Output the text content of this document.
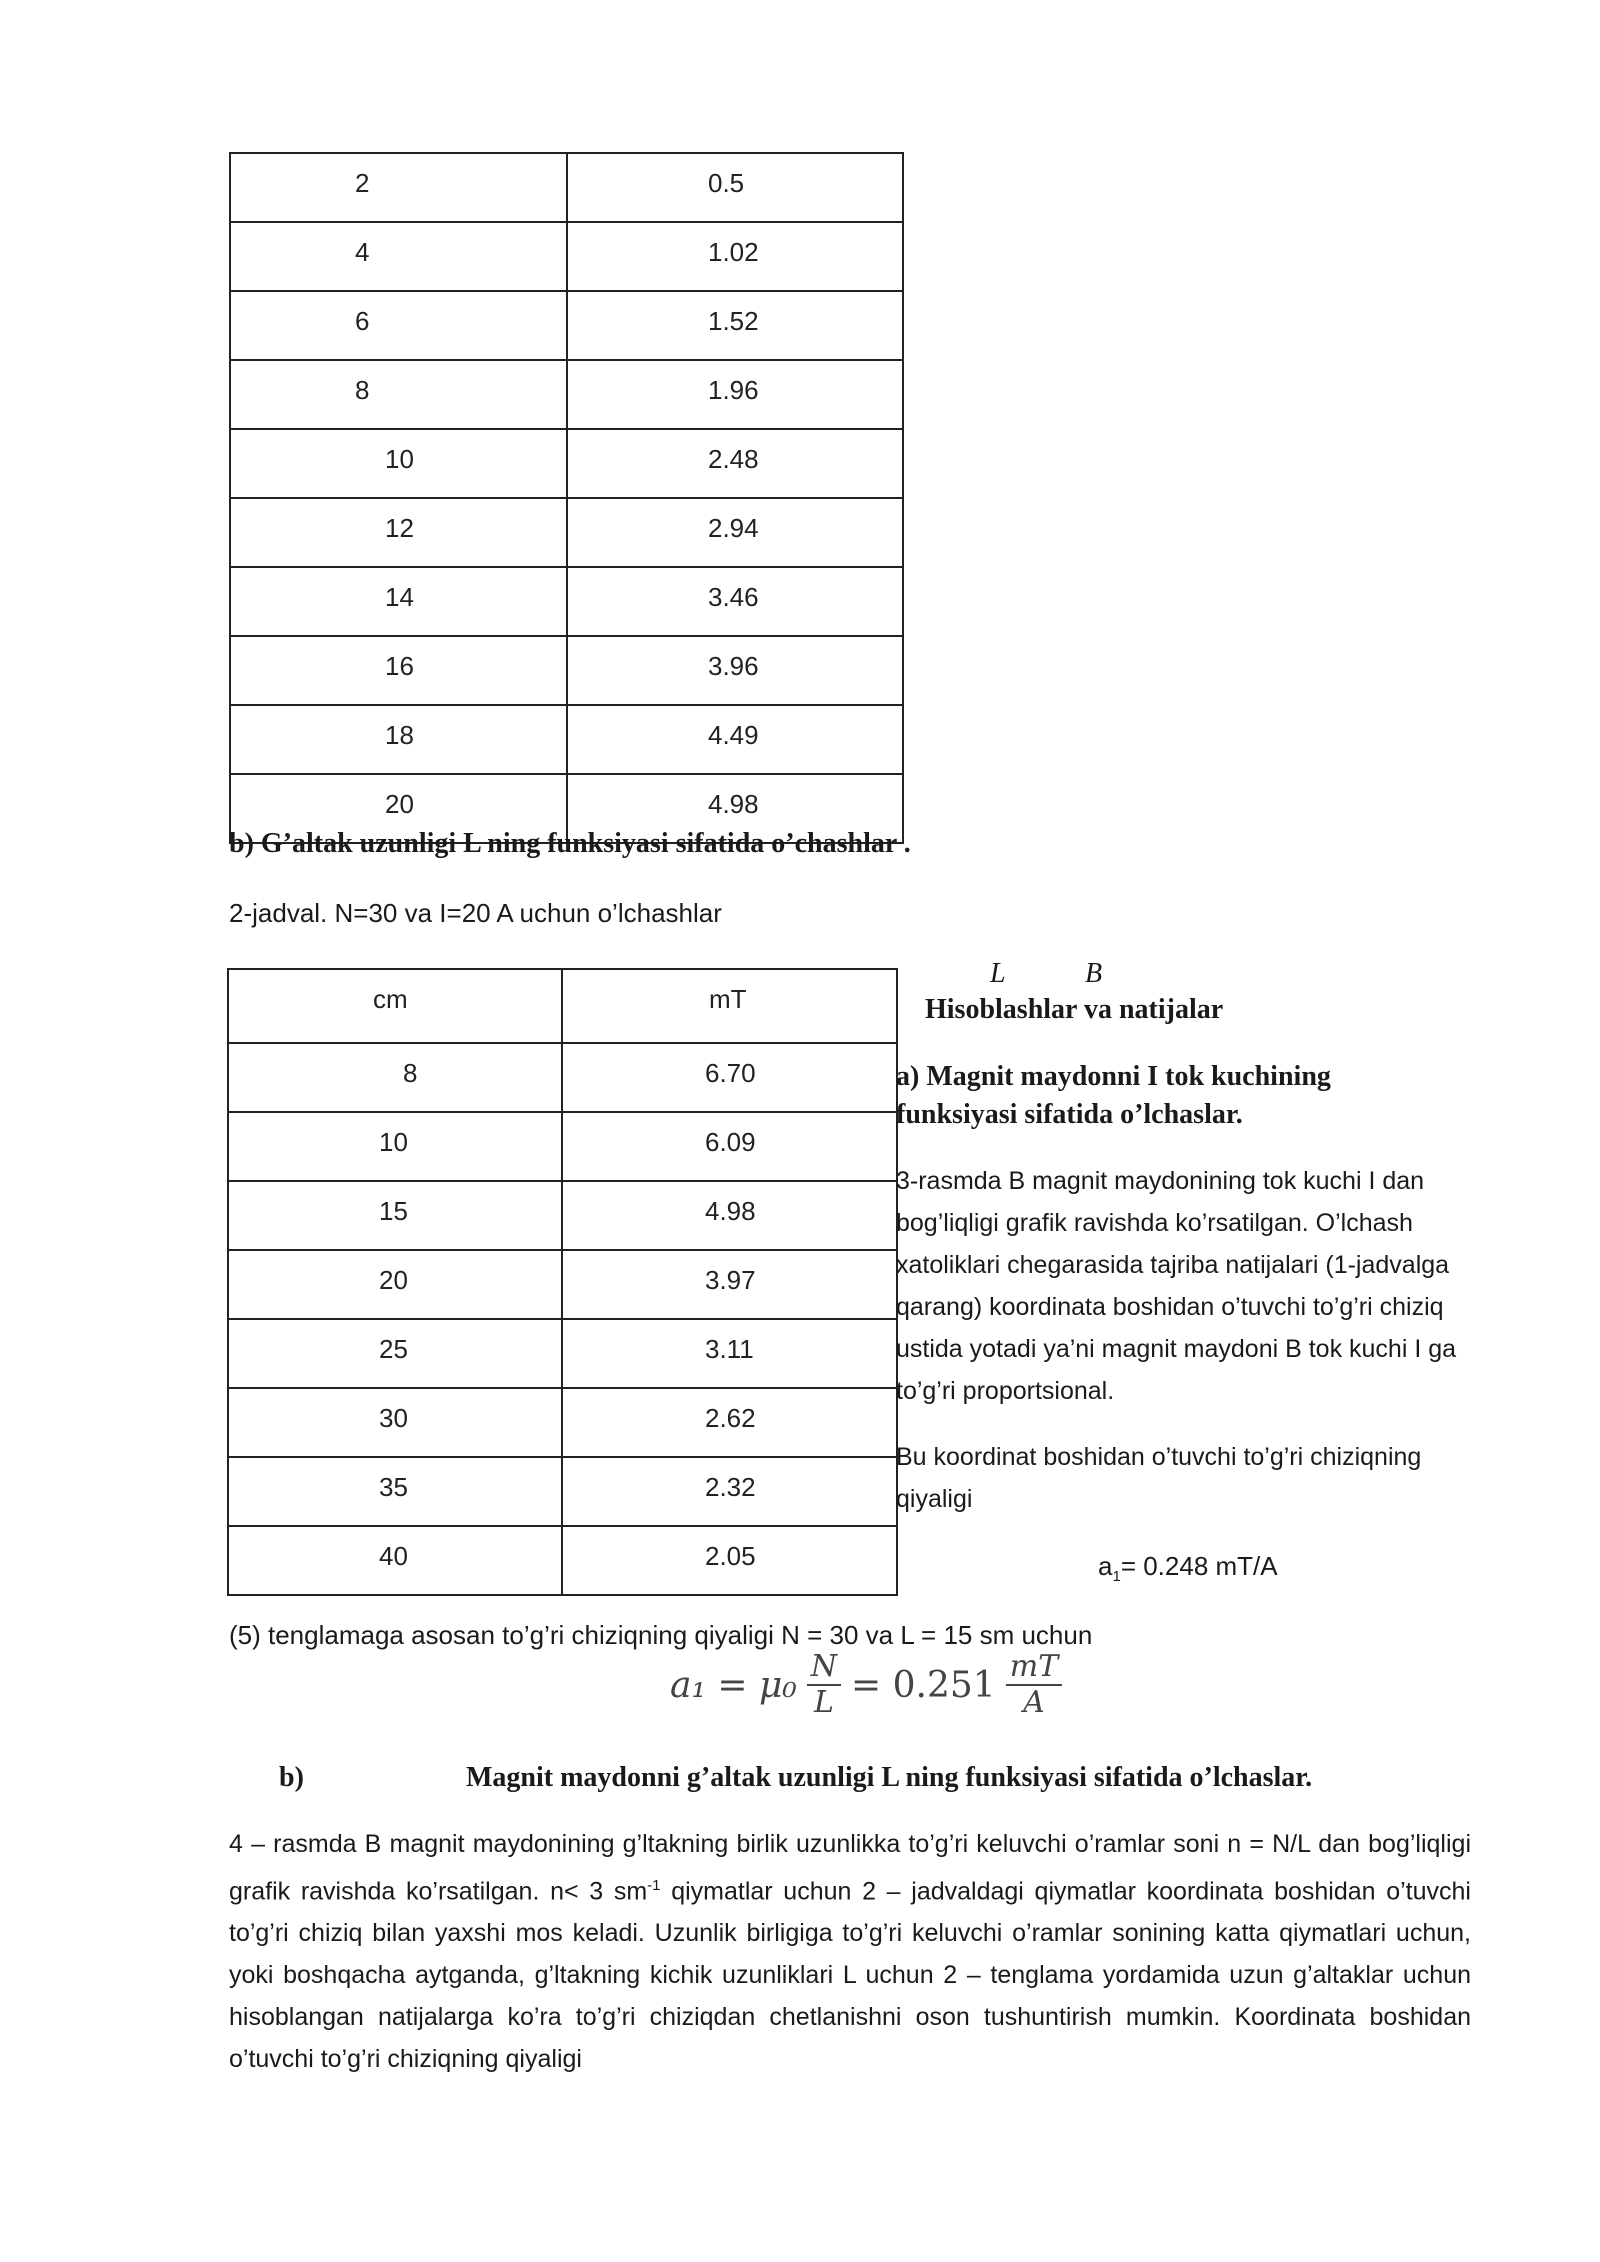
2	0.5

4	1.02

6	1.52

8	1.96

10	2.48

12	2.94

14	3.46

16	3.96

18	4.49

20	4.98
b) G’altak uzunligi L ning funksiyasi sifatida o’chashlar .
2-jadval. N=30 va I=20 A uchun o’lchashlar
cm	mT

8	6.70

10	6.09

15	4.98

20	3.97

25	3.11

30	2.62

35	2.32

40	2.05
L	B
Hisoblashlar va natijalar
a) Magnit maydonni I tok kuchining funksiyasi sifatida o’lchaslar.
3-rasmda B magnit maydonining tok kuchi I dan bog’liqligi grafik ravishda ko’rsatilgan. O’lchash xatoliklari chegarasida tajriba natijalari (1-jadvalga qarang) koordinata boshidan o’tuvchi to’g’ri chiziq ustida yotadi ya’ni magnit maydoni B tok kuchi I ga to’g’ri proportsional.
Bu koordinat boshidan o’tuvchi to’g’ri chiziqning qiyaligi
$a_1= 0.248$ mT/A
(5) tenglamaga asosan to’g’ri chiziqning qiyaligi N = 30 va L = 15 sm uchun
$a_1 = \mu_0 \frac{N}{L} = 0.251 \frac{mT}{A}$
b)	Magnit maydonni g’altak uzunligi L ning funksiyasi sifatida o’lchaslar.
4 – rasmda B magnit maydonining g’ltakning birlik uzunlikka to’g’ri keluvchi o’ramlar soni n = N/L dan bog’liqligi grafik ravishda ko’rsatilgan. n< 3 $sm^{-1}$ qiymatlar uchun 2 – jadvaldagi qiymatlar koordinata boshidan o’tuvchi to’g’ri chiziq bilan yaxshi mos keladi. Uzunlik birligiga to’g’ri keluvchi o’ramlar sonining katta qiymatlari uchun, yoki boshqacha aytganda, g’ltakning kichik uzunliklari L uchun 2 – tenglama yordamida uzun g’altaklar uchun hisoblangan natijalarga ko’ra to’g’ri chiziqdan chetlanishni oson tushuntirish mumkin. Koordinata boshidan o’tuvchi to’g’ri chiziqning qiyaligi
